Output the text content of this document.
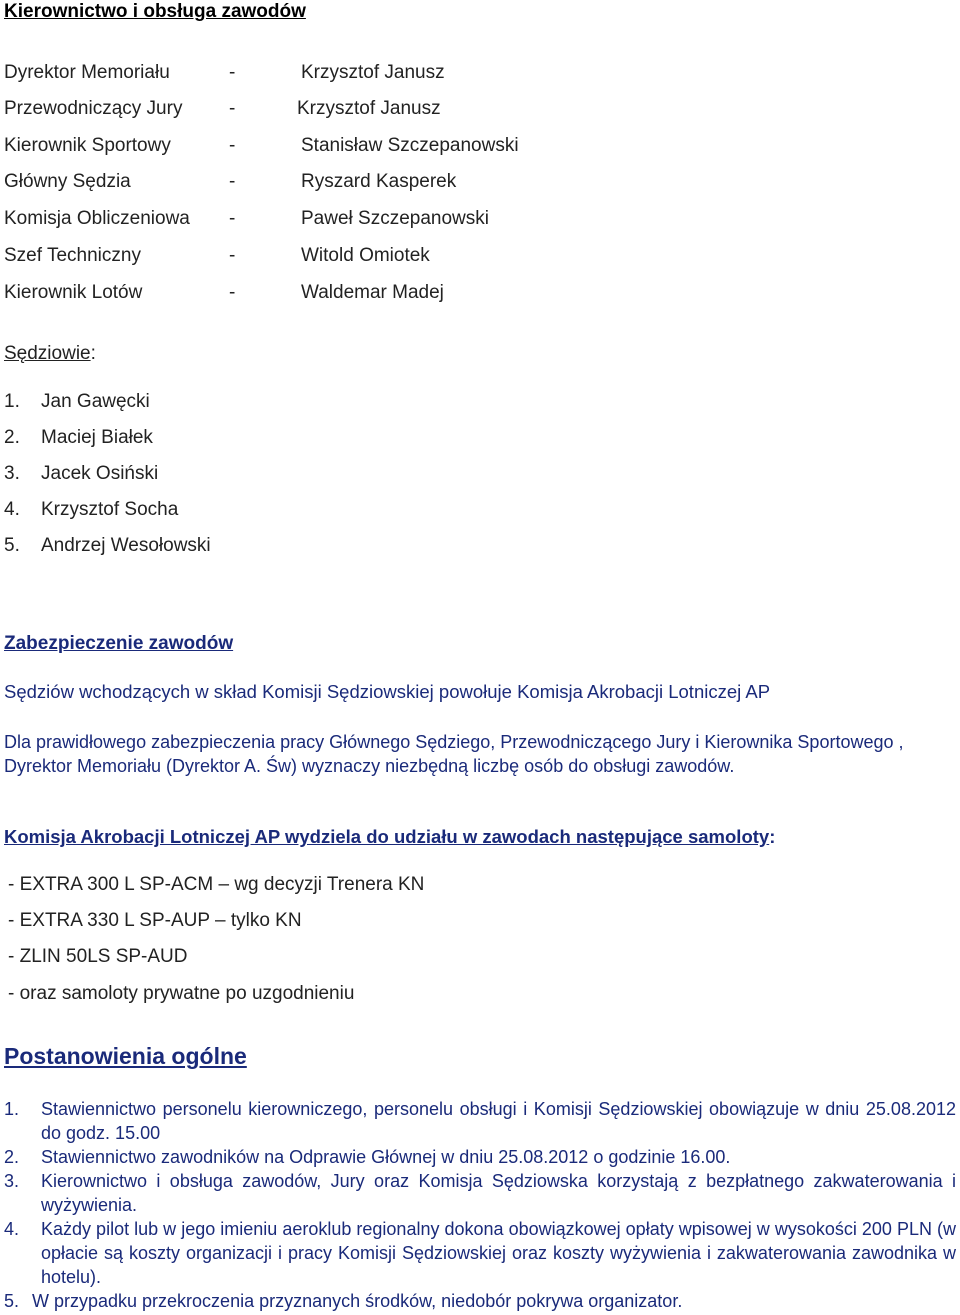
Kierownictwo i obsługa zawodów
Dyrektor Memoriału	-	Krzysztof Janusz
Przewodniczący Jury -	Krzysztof Janusz
Kierownik Sportowy	-	Stanisław Szczepanowski
Główny Sędzia	-	Ryszard Kasperek
Komisja Obliczeniowa -	Paweł Szczepanowski
Szef Techniczny	-	Witold Omiotek
Kierownik Lotów	-	Waldemar Madej
Sędziowie:
1. Jan Gawęcki
2. Maciej Białek
3. Jacek Osiński
4. Krzysztof Socha
5. Andrzej Wesołowski
Zabezpieczenie zawodów
Sędziów wchodzących w skład Komisji Sędziowskiej powołuje Komisja Akrobacji Lotniczej AP
Dla prawidłowego zabezpieczenia pracy Głównego Sędziego, Przewodniczącego Jury i Kierownika Sportowego , Dyrektor Memoriału (Dyrektor A. Św) wyznaczy niezbędną liczbę osób do obsługi zawodów.
Komisja Akrobacji Lotniczej AP wydziela do udziału w zawodach następujące samoloty:
- EXTRA 300 L SP-ACM – wg decyzji Trenera KN
- EXTRA 330 L SP-AUP – tylko KN
- ZLIN 50LS SP-AUD
- oraz samoloty prywatne po uzgodnieniu
Postanowienia ogólne
1. Stawiennictwo personelu kierowniczego, personelu obsługi i Komisji Sędziowskiej obowiązuje w dniu 25.08.2012 do godz. 15.00
2. Stawiennictwo zawodników na Odprawie Głównej w dniu 25.08.2012 o godzinie 16.00.
3. Kierownictwo i obsługa zawodów, Jury oraz Komisja Sędziowska korzystają z bezpłatnego zakwaterowania i wyżywienia.
4. Każdy pilot lub w jego imieniu aeroklub regionalny dokona obowiązkowej opłaty wpisowej w wysokości 200 PLN (w opłacie są koszty organizacji i pracy Komisji Sędziowskiej oraz koszty wyżywienia i zakwaterowania zawodnika w hotelu).
5. W przypadku przekroczenia przyznanych środków, niedobór pokrywa organizator.
